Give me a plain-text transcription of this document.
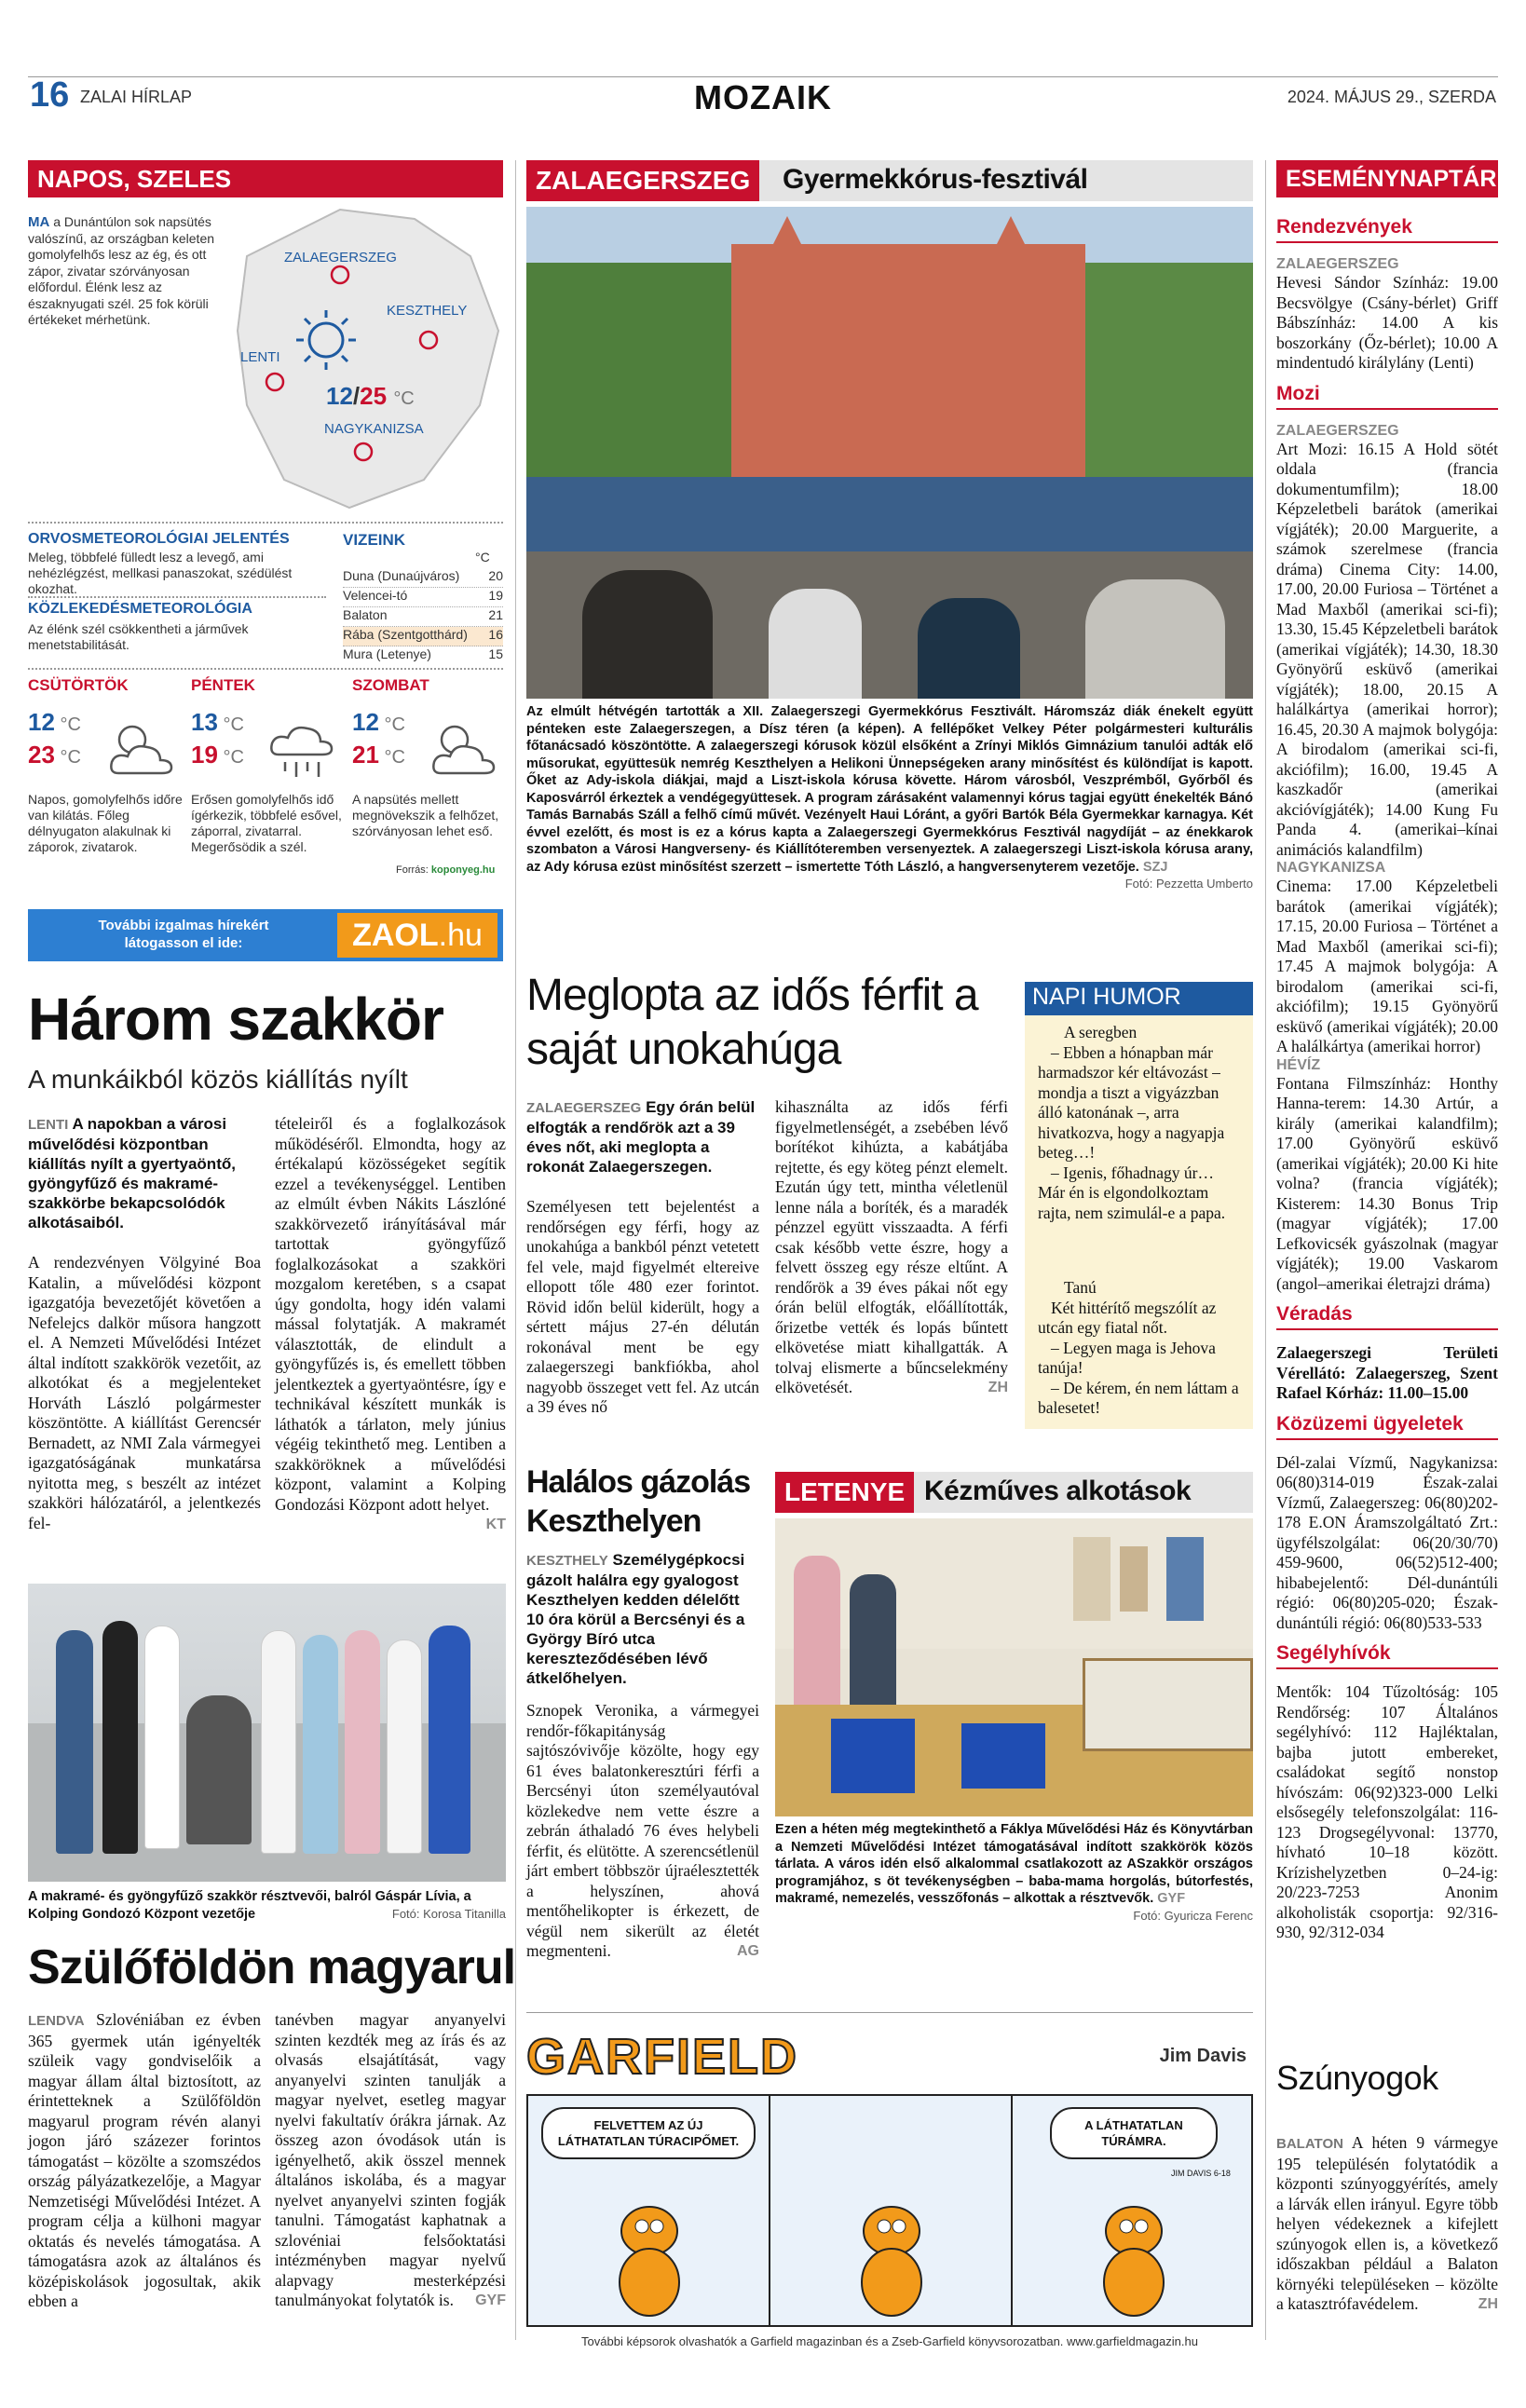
16 ZALAI HÍRLAP	MOZAIK	2024. MÁJUS 29., SZERDA
NAPOS, SZELES
MA a Dunántúlon sok napsütés valószínű, az országban keleten gomolyfelhős lesz az ég, és ott zápor, zivatar szórványosan előfordul. Élénk lesz az északnyugati szél. 25 fok körüli értékeket mérhetünk.
ZALAEGERSZEG
KESZTHELY
LENTI
NAGYKANIZSA
12/25 °C
ORVOSMETEOROLÓGIAI JELENTÉS
Meleg, többfelé fülledt lesz a levegő, ami nehézlégzést, mellkasi panaszokat, szédülést okozhat.
KÖZLEKEDÉSMETEOROLÓGIA
Az élénk szél csökkentheti a járművek menetstabilitását.
VIZEINK
°C
Duna (Dunaújváros) 20
Velencei-tó	19
Balaton	21
Rába (Szentgotthárd) 16
Mura (Letenye)	15
CSÜTÖRTÖK
12 °C
23 °C
Napos, gomolyfelhős időre van kilátás. Főleg délnyugaton alakulnak ki záporok, zivatarok.
PÉNTEK
13 °C
19 °C
Erősen gomolyfelhős idő ígérkezik, többfelé esővel, záporral, zivatarral. Megerősödik a szél.
SZOMBAT
12 °C
21 °C
A napsütés mellett megnövekszik a felhőzet, szórványosan lehet eső.
Forrás: koponyeg.hu
További izgalmas hírekért
látogasson el ide:	ZAOL.hu
Három szakkör
A munkáikból közös kiállítás nyílt
LENTI A napokban a városi művelődési központban kiállítás nyílt a gyertyaöntő, gyöngyfűző és makramé-szakkörbe bekapcsolódók alkotásaiból.
A rendezvényen Völgyiné Boa Katalin, a művelődési központ igazgatója bevezetőjét követően a Nefelejcs dalkör műsora hangzott el. A Nemzeti Művelődési Intézet által indított szakkörök vezetőit, az alkotókat és a megjelenteket Horváth László polgármester köszöntötte. A kiállítást Gerencsér Bernadett, az NMI Zala vármegyei igazgatóságának munkatársa nyitotta meg, s beszélt az intézet szakköri hálózatáról, a jelentkezés fel-
tételeiről és a foglalkozások működéséről. Elmondta, hogy az értékalapú közösségeket segítik ezzel a tevékenységgel. Lentiben az elmúlt évben Nákits Lászlóné szakkörvezető irányításával már tartottak gyöngyfűző foglalkozásokat a szakköri mozgalom keretében, s a csapat úgy gondolta, hogy idén valami mással folytatják. A makramét választották, de elindult a gyöngyfűzés is, és emellett többen jelentkeztek a gyertyaöntésre, így e technikával készített munkák is láthatók a tárlaton, mely június végéig tekinthető meg. Lentiben a szakköröknek a művelődési központ, valamint a Kolping Gondozási Központ adott helyet.
KT
A makramé- és gyöngyfűző szakkör résztvevői, balról Gáspár Lívia, a Kolping Gondozó Központ vezetője	Fotó: Korosa Titanilla
Szülőföldön magyarul
LENDVA Szlovéniában ez évben 365 gyermek után igényelték szüleik vagy gondviselőik a magyar állam által biztosított, az érintetteknek a Szülőföldön magyarul program révén alanyi jogon járó százezer forintos támogatást – közölte a szomszédos ország pályázatkezelője, a Magyar Nemzetiségi Művelődési Intézet. A program célja a külhoni magyar oktatás és nevelés támogatása. A támogatásra azok az általános és középiskolások jogosultak, akik ebben a
tanévben magyar anyanyelvi szinten kezdték meg az írás és az olvasás elsajátítását, vagy anyanyelvi szinten tanulják a magyar nyelvet, esetleg magyar nyelvi fakultatív órákra járnak. Az összeg azon óvodások után is igényelhető, akik összel mennek általános iskolába, és a magyar nyelvet anyanyelvi szinten fogják tanulni. Támogatást kaphatnak a szlovéniai felsőoktatási intézményben magyar nyelvű alapvagy mesterképzési tanulmányokat folytatók is. GYF
ZALAEGERSZEG	Gyermekkórus-fesztivál
Az elmúlt hétvégén tartották a XII. Zalaegerszegi Gyermekkórus Fesztivált. Háromszáz diák énekelt együtt pénteken este Zalaegerszegen, a Dísz téren (a képen). A fellépőket Velkey Péter polgármesteri kulturális főtanácsadó köszöntötte. A zalaegerszegi kórusok közül elsőként a Zrínyi Miklós Gimnázium tanulói adták elő műsorukat, együttesük nemrég Keszthelyen a Helikoni Ünnepségeken arany minősítést és különdíjat is kapott. Őket az Ady-iskola diákjai, majd a Liszt-iskola kórusa követte. Három városból, Veszprémből, Győrből és Kaposvárról érkeztek a vendégegyüttesek. A program zárásaként valamennyi kórus tagjai együtt énekelték Bánó Tamás Barnabás Száll a felhő című művét. Vezényelt Haui Lóránt, a győri Bartók Béla Gyermekkar karnagya. Két évvel ezelőtt, és most is ez a kórus kapta a Zalaegerszegi Gyermekkórus Fesztivál nagydíját – az énekkarok szombaton a Városi Hangverseny- és Kiállítóteremben versenyeztek. A zalaegerszegi Liszt-iskola kórusa arany, az Ady kórusa ezüst minősítést szerzett – ismertette Tóth László, a hangversenyterem vezetője. SZJ
Fotó: Pezzetta Umberto
Meglopta az idős férfit a saját unokahúga
ZALAEGERSZEG Egy órán belül elfogták a rendőrök azt a 39 éves nőt, aki meglopta a rokonát Zalaegerszegen.
Személyesen tett bejelentést a rendőrségen egy férfi, hogy az unokahúga a bankból pénzt vetetett fel vele, majd figyelmét eltereive ellopott tőle 480 ezer forintot. Rövid időn belül kiderült, hogy a sértett május 27-én délután rokonával ment be egy zalaegerszegi bankfiókba, ahol nagyobb összeget vett fel. Az utcán a 39 éves nő
kihasználta az idős férfi figyelmetlenségét, a zsebében lévő borítékot kihúzta, a kabátjába rejtette, és egy köteg pénzt elemelt. Ezután úgy tett, mintha véletlenül lenne nála a boríték, és a maradék pénzzel együtt visszaadta. A férfi csak később vette észre, hogy a felvett összeg egy része eltűnt. A rendőrök a 39 éves pákai nőt egy órán belül elfogták, előállították, őrizetbe vették és lopás bűntett elkövetése miatt kihallgatták. A tolvaj elismerte a bűncselekmény elkövetését.	ZH
NAPI HUMOR
A seregben
– Ebben a hónapban már harmadszor kér eltávozást – mondja a tiszt a vigyázzban álló katonának –, arra hivatkozva, hogy a nagyapja beteg…!
– Igenis, főhadnagy úr… Már én is elgondolkoztam rajta, nem szimulál-e a papa.
Tanú
Két hittérítő megszólít az utcán egy fiatal nőt.
– Legyen maga is Jehova tanúja!
– De kérem, én nem láttam a balesetet!
Halálos gázolás Keszthelyen
KESZTHELY Személygépkocsi gázolt halálra egy gyalogost Keszthelyen kedden délelőtt 10 óra körül a Bercsényi és a György Bíró utca kereszteződésében lévő átkelőhelyen.
Sznopek Veronika, a vármegyei rendőr-főkapitányság sajtószóvivője közölte, hogy egy 61 éves balatonkeresztúri férfi a Bercsényi úton személyautóval közlekedve nem vette észre a zebrán áthaladó 76 éves helybeli férfit, és elütötte. A szerencsétlenül járt embert többször újraélesztették a helyszínen, ahová mentőhelikopter is érkezett, de végül nem sikerült az életét megmenteni.	AG
LETENYE Kézműves alkotások
Ezen a héten még megtekinthető a Fáklya Művelődési Ház és Könyvtárban a Nemzeti Művelődési Intézet támogatásával indított szakkörök közös tárlata. A város idén első alkalommal csatlakozott az ASzakkör országos programjához, s öt tevékenységben – baba-mama horgolás, bútorfestés, makramé, nemezelés, vesszőfonás – alkottak a résztvevők. GYF
Fotó: Gyuricza Ferenc
GARFIELD	Jim Davis
FELVETTEM AZ ÚJ LÁTHATATLAN TÚRACIPŐMET.
A LÁTHATATLAN TÚRÁMRA.
JIM DAVIS 6-18
További képsorok olvashatók a Garfield magazinban és a Zseb-Garfield könyvsorozatban. www.garfieldmagazin.hu
ESEMÉNYNAPTÁR
Rendezvények
ZALAEGERSZEG
Hevesi Sándor Színház: 19.00 Becsvölgye (Csány-bérlet) Griff Bábszínház: 14.00 A kis boszorkány (Őz-bérlet); 10.00 A mindentudó királylány (Lenti)
Mozi
ZALAEGERSZEG
Art Mozi: 16.15 A Hold sötét oldala (francia dokumentumfilm); 18.00 Képzeletbeli barátok (amerikai vígjáték); 20.00 Marguerite, a számok szerelmese (francia dráma) Cinema City: 14.00, 17.00, 20.00 Furiosa – Történet a Mad Maxből (amerikai sci-fi); 13.30, 15.45 Képzeletbeli barátok (amerikai vígjáték); 14.30, 18.30 Gyönyörű esküvő (amerikai vígjáték); 18.00, 20.15 A halálkártya (amerikai horror); 16.45, 20.30 A majmok bolygója: A birodalom (amerikai sci-fi, akciófilm); 16.00, 19.45 A kaszkadőr (amerikai akcióvígjáték); 14.00 Kung Fu Panda 4. (amerikai–kínai animációs kalandfilm)
NAGYKANIZSA
Cinema: 17.00 Képzeletbeli barátok (amerikai vígjáték); 17.15, 20.00 Furiosa – Történet a Mad Maxből (amerikai sci-fi); 17.45 A majmok bolygója: A birodalom (amerikai sci-fi, akciófilm); 19.15 Gyönyörű esküvő (amerikai vígjáték); 20.00 A halálkártya (amerikai horror)
HÉVÍZ
Fontana Filmszínház: Honthy Hanna-terem: 14.30 Artúr, a király (amerikai kalandfilm); 17.00 Gyönyörű esküvő (amerikai vígjáték); 20.00 Ki hite volna? (francia vígjáték); Kisterem: 14.30 Bonus Trip (magyar vígjáték); 17.00 Lefkovicsék gyászolnak (magyar vígjáték); 19.00 Vaskarom (angol–amerikai életrajzi dráma)
Véradás
Zalaegerszegi Területi Vérellátó: Zalaegerszeg, Szent Rafael Kórház: 11.00–15.00
Közüzemi ügyeletek
Dél-zalai Vízmű, Nagykanizsa: 06(80)314-019 Észak-zalai Vízmű, Zalaegerszeg: 06(80)202-178 E.ON Áramszolgáltató Zrt.: ügyfélszolgálat: 06(20/30/70) 459-9600, 06(52)512-400; hibabejelentő: Dél-dunántúli régió: 06(80)205-020; Észak-dunántúli régió: 06(80)533-533
Segélyhívók
Mentők: 104 Tűzoltóság: 105 Rendőrség: 107 Általános segélyhívó: 112 Hajléktalan, bajba jutott embereket, családokat segítő nonstop hívószám: 06(92)323-000 Lelki elsősegély telefonszolgálat: 116-123 Drogsegélyvonal: 13770, hívható 10–18 között. Krízishelyzetben 0–24-ig: 20/223-7253 Anonim alkoholisták csoportja: 92/316-930, 92/312-034
Szúnyogok
BALATON A héten 9 vármegye 195 településén folytatódik a központi szúnyoggyérítés, amely a lárvák ellen irányul. Egyre több helyen védekeznek a kifejlett szúnyogok ellen is, a következő időszakban például a Balaton környéki településeken – közölte a katasztrófavédelem.	ZH
